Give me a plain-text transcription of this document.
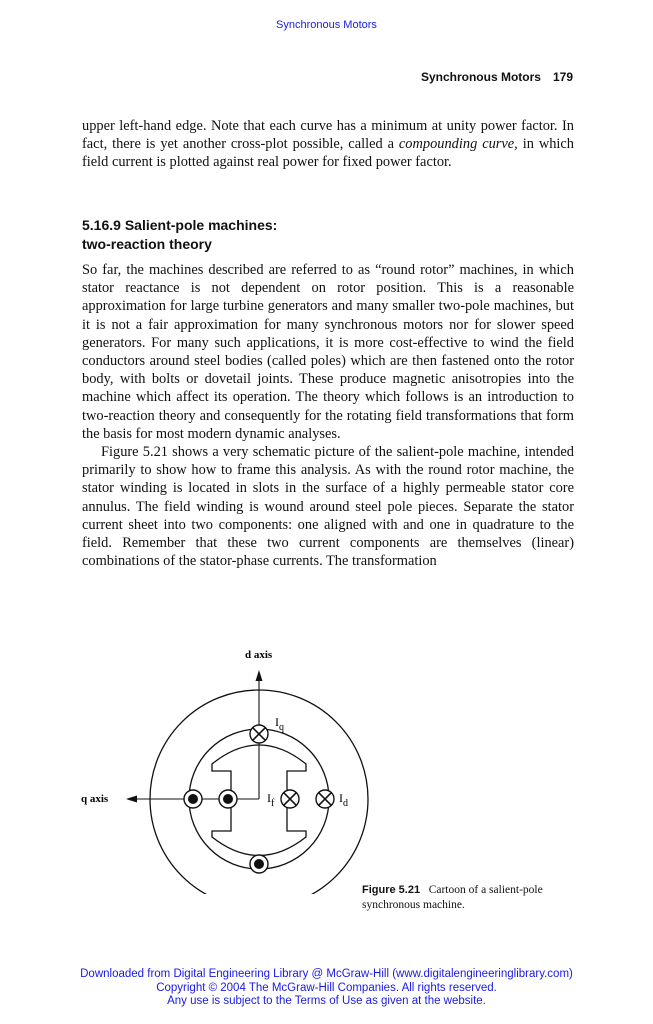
Synchronous Motors
Synchronous Motors 179

upper left-hand edge. Note that each curve has a minimum at unity power factor. In fact, there is yet another cross-plot possible, called a compounding curve, in which field current is plotted against real power for fixed power factor.

5.16.9 Salient-pole machines:
two-reaction theory

So far, the machines described are referred to as “round rotor” machines, in which stator reactance is not dependent on rotor position. This is a reasonable approximation for large turbine generators and many smaller two-pole machines, but it is not a fair approximation for many synchronous motors nor for slower speed generators. For many such applications, it is more cost-effective to wind the field conductors around steel bodies (called poles) which are then fastened onto the rotor body, with bolts or dovetail joints. These produce magnetic anisotropies into the machine which affect its operation. The theory which follows is an introduction to two-reaction theory and consequently for the rotating field transformations that form the basis for most modern dynamic analyses.

Figure 5.21 shows a very schematic picture of the salient-pole machine, intended primarily to show how to frame this analysis. As with the round rotor machine, the stator winding is located in slots in the surface of a highly permeable stator core annulus. The field winding is wound around steel pole pieces. Separate the stator current sheet into two components: one aligned with and one in quadrature to the field. Remember that these two current components are themselves (linear) combinations of the stator-phase currents. The transformation

d axis
q axis
$I_q$
$I_f$	$I_d$
Figure 5.21 Cartoon of a salient-pole synchronous machine.
Downloaded from Digital Engineering Library @ McGraw-Hill (www.digitalengineeringlibrary.com)
Copyright © 2004 The McGraw-Hill Companies. All rights reserved.
Any use is subject to the Terms of Use as given at the website.
